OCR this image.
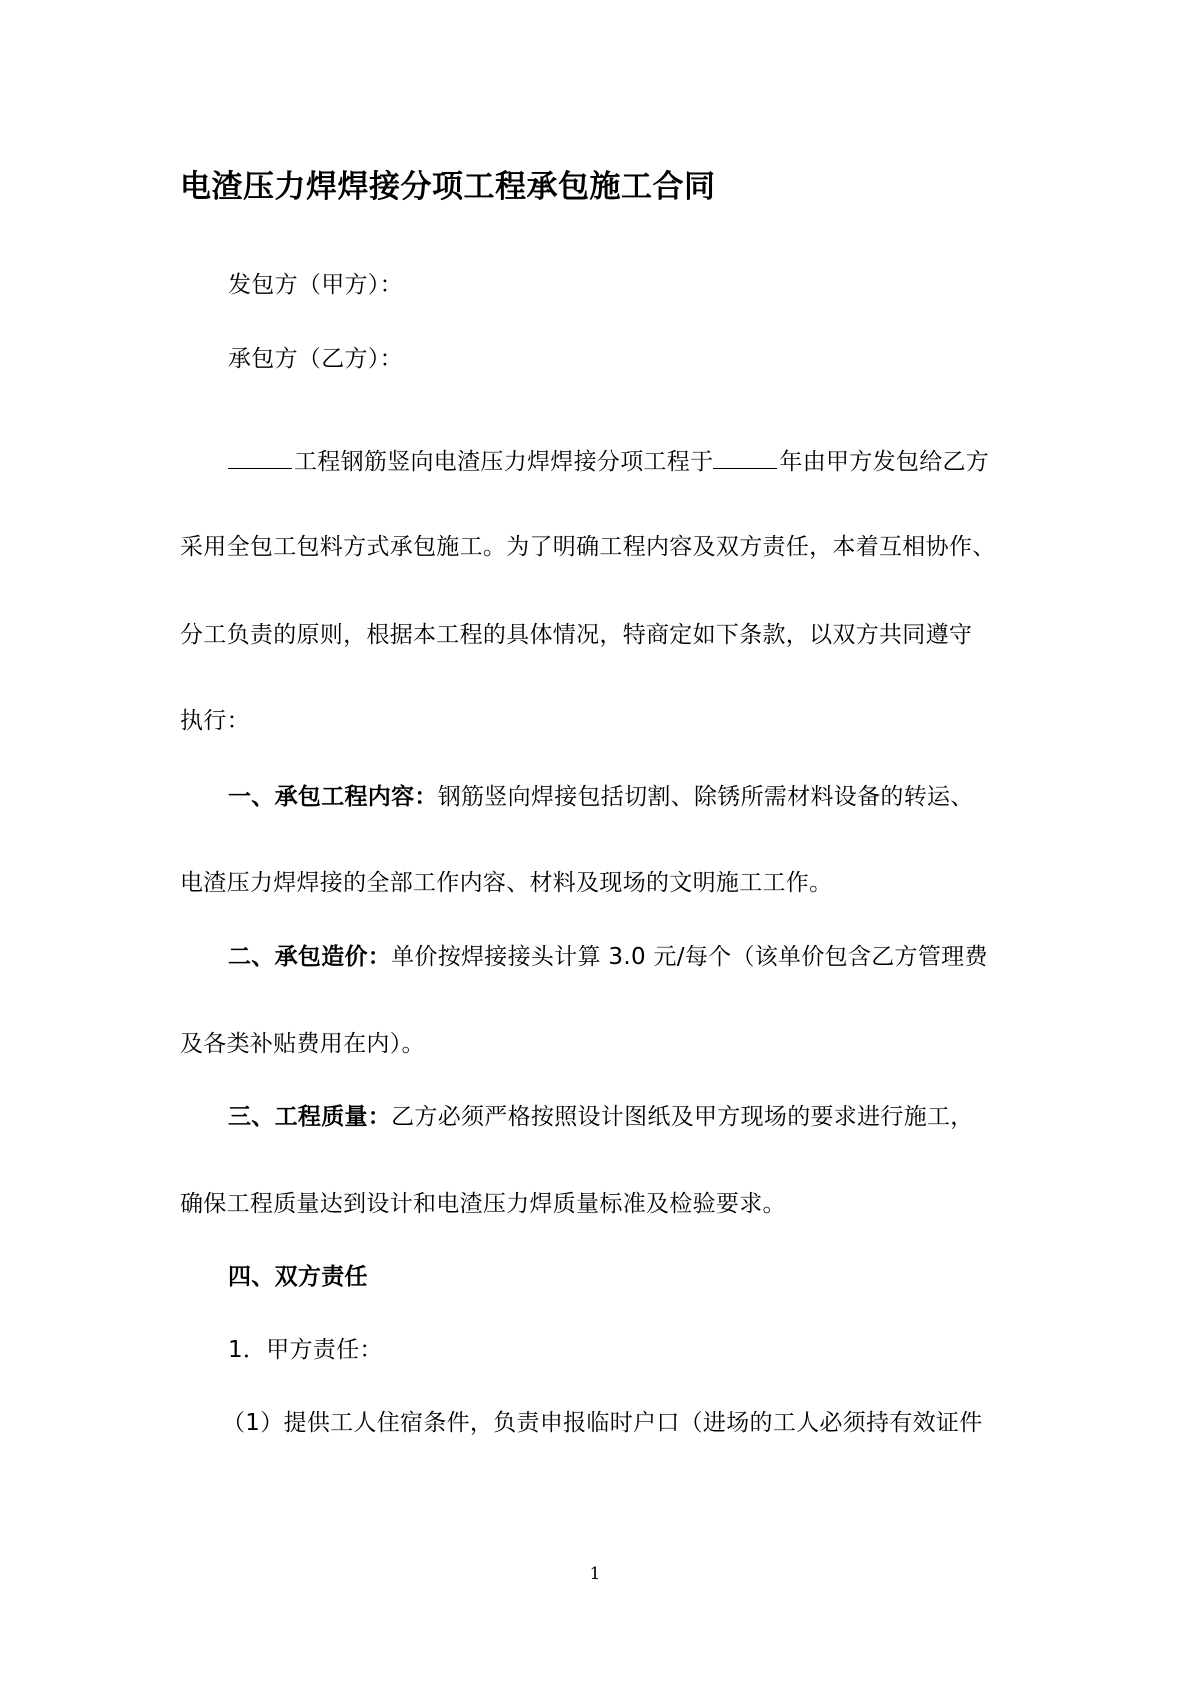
电渣压力焊焊接分项工程承包施工合同
发包方（甲方）：
承包方（乙方）：
工程钢筋竖向电渣压力焊焊接分项工程于	年由甲方发包给乙方
采用全包工包料方式承包施工。为了明确工程内容及双方责任，本着互相协作、
分工负责的原则，根据本工程的具体情况，特商定如下条款，以双方共同遵守
执行：
一、承包工程内容：钢筋竖向焊接包括切割、除锈所需材料设备的转运、
电渣压力焊焊接的全部工作内容、材料及现场的文明施工工作。
二、承包造价：单价按焊接接头计算 3.0 元/每个（该单价包含乙方管理费
及各类补贴费用在内）。
三、工程质量：乙方必须严格按照设计图纸及甲方现场的要求进行施工，
确保工程质量达到设计和电渣压力焊质量标准及检验要求。
四、双方责任
1．甲方责任：
（1）提供工人住宿条件，负责申报临时户口（进场的工人必须持有效证件
1
